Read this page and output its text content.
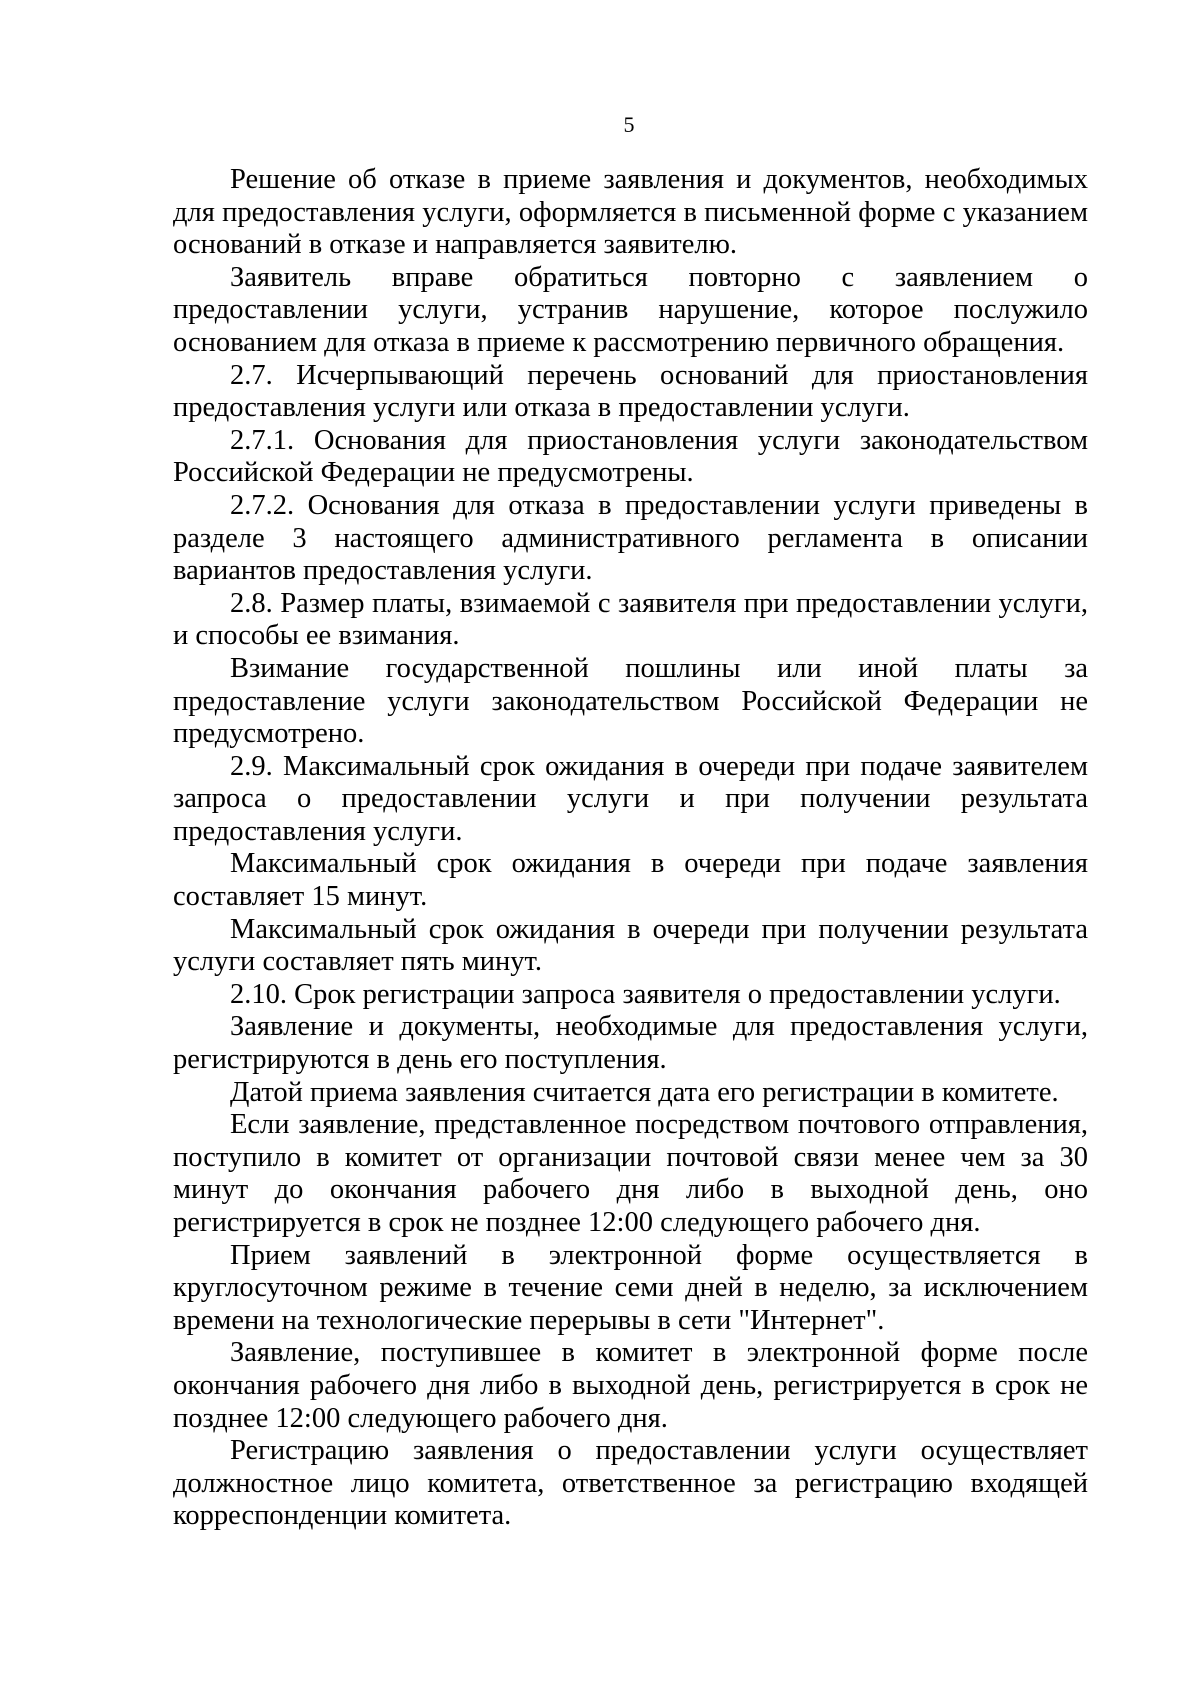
5

Решение об отказе в приеме заявления и документов, необходимых для предоставления услуги, оформляется в письменной форме с указанием оснований в отказе и направляется заявителю.

Заявитель вправе обратиться повторно с заявлением о предоставлении услуги, устранив нарушение, которое послужило основанием для отказа в приеме к рассмотрению первичного обращения.

2.7. Исчерпывающий перечень оснований для приостановления предоставления услуги или отказа в предоставлении услуги.

2.7.1. Основания для приостановления услуги законодательством Российской Федерации не предусмотрены.

2.7.2. Основания для отказа в предоставлении услуги приведены в разделе 3 настоящего административного регламента в описании вариантов предоставления услуги.

2.8. Размер платы, взимаемой с заявителя при предоставлении услуги, и способы ее взимания.

Взимание государственной пошлины или иной платы за предоставление услуги законодательством Российской Федерации не предусмотрено.

2.9. Максимальный срок ожидания в очереди при подаче заявителем запроса о предоставлении услуги и при получении результата предоставления услуги.

Максимальный срок ожидания в очереди при подаче заявления составляет 15 минут.

Максимальный срок ожидания в очереди при получении результата услуги составляет пять минут.

2.10. Срок регистрации запроса заявителя о предоставлении услуги.

Заявление и документы, необходимые для предоставления услуги, регистрируются в день его поступления.

Датой приема заявления считается дата его регистрации в комитете.

Если заявление, представленное посредством почтового отправления, поступило в комитет от организации почтовой связи менее чем за 30 минут до окончания рабочего дня либо в выходной день, оно регистрируется в срок не позднее 12:00 следующего рабочего дня.

Прием заявлений в электронной форме осуществляется в круглосуточном режиме в течение семи дней в неделю, за исключением времени на технологические перерывы в сети "Интернет".

Заявление, поступившее в комитет в электронной форме после окончания рабочего дня либо в выходной день, регистрируется в срок не позднее 12:00 следующего рабочего дня.

Регистрацию заявления о предоставлении услуги осуществляет должностное лицо комитета, ответственное за регистрацию входящей корреспонденции комитета.
